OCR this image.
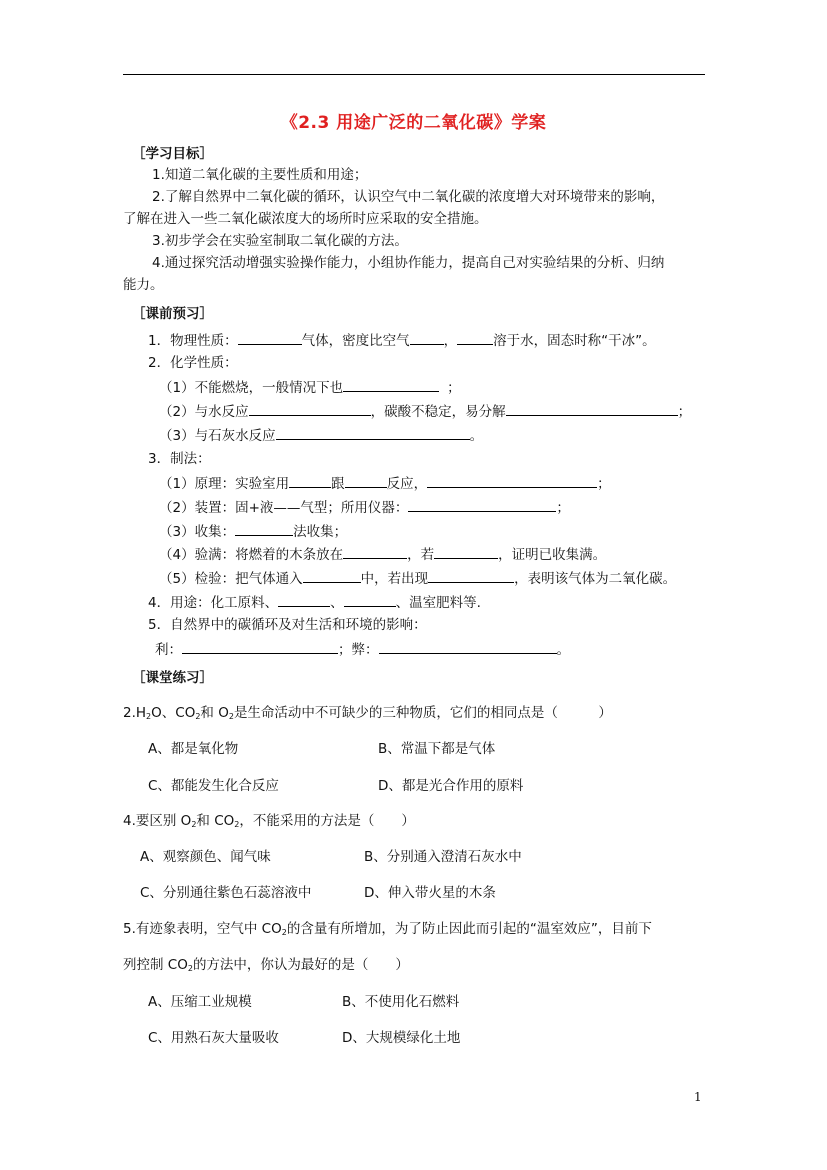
《2.3 用途广泛的二氧化碳》学案
［学习目标］
1.知道二氧化碳的主要性质和用途；
2.了解自然界中二氧化碳的循环，认识空气中二氧化碳的浓度增大对环境带来的影响，
了解在进入一些二氧化碳浓度大的场所时应采取的安全措施。
3.初步学会在实验室制取二氧化碳的方法。
4.通过探究活动增强实验操作能力，小组协作能力，提高自己对实验结果的分析、归纳
能力。
［课前预习］
1．物理性质：	气体，密度比空气	，	溶于水，固态时称“干冰”。
2．化学性质：
（1）不能燃烧，一般情况下也	；
（2）与水反应	，碳酸不稳定，易分解	；
（3）与石灰水反应	。
3．制法：
（1）原理：实验室用	跟	反应，	；
（2）装置：固+液——气型；所用仪器：	；
（3）收集：	法收集；
（4）验满：将燃着的木条放在	，若	，证明已收集满。
（5）检验：把气体通入	中，若出现	，表明该气体为二氧化碳。
4．用途：化工原料、	、	、温室肥料等.
5．自然界中的碳循环及对生活和环境的影响：
利：	；弊：	。
［课堂练习］
$2.H_2O$、$CO_2$和 $O_2$是生命活动中不可缺少的三种物质，它们的相同点是（　　　）
A、都是氧化物	B、常温下都是气体
C、都能发生化合反应	D、都是光合作用的原料
4.要区别 $O_2$和 $CO_2$，不能采用的方法是（　　）
A、观察颜色、闻气味	B、分别通入澄清石灰水中
C、分别通往紫色石蕊溶液中	D、伸入带火星的木条
5.有迹象表明，空气中 $CO_2$的含量有所增加，为了防止因此而引起的“温室效应”，目前下
列控制 $CO_2$的方法中，你认为最好的是（　　）
A、压缩工业规模	B、不使用化石燃料
C、用熟石灰大量吸收	D、大规模绿化土地
1
